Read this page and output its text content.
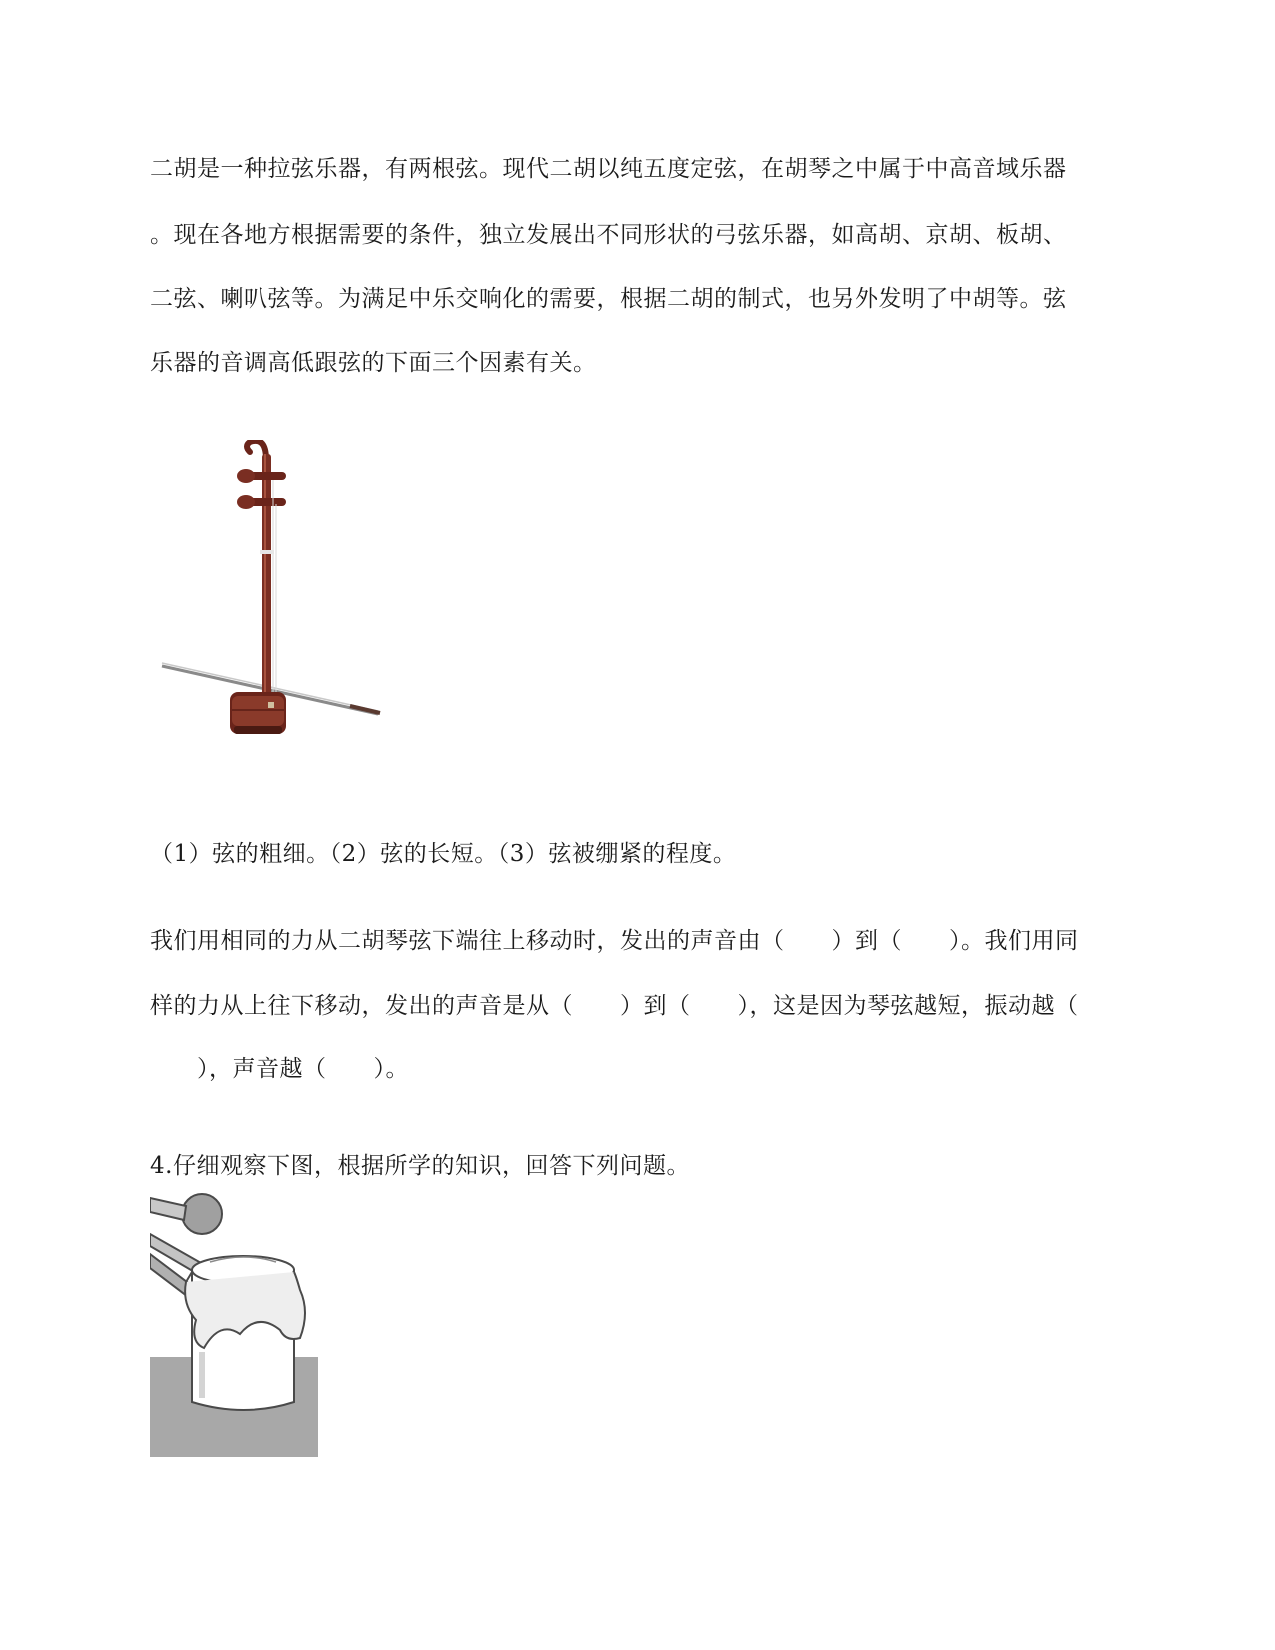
二胡是一种拉弦乐器，有两根弦。现代二胡以纯五度定弦，在胡琴之中属于中高音域乐器
。现在各地方根据需要的条件，独立发展出不同形状的弓弦乐器，如高胡、京胡、板胡、
二弦、喇叭弦等。为满足中乐交响化的需要，根据二胡的制式，也另外发明了中胡等。弦
乐器的音调高低跟弦的下面三个因素有关。
（1）弦的粗细。（2）弦的长短。（3）弦被绷紧的程度。
我们用相同的力从二胡琴弦下端往上移动时，发出的声音由（　　）到（　　）。我们用同
样的力从上往下移动，发出的声音是从（　　）到（　　），这是因为琴弦越短，振动越（
　　），声音越（　　）。
4.仔细观察下图，根据所学的知识，回答下列问题。
